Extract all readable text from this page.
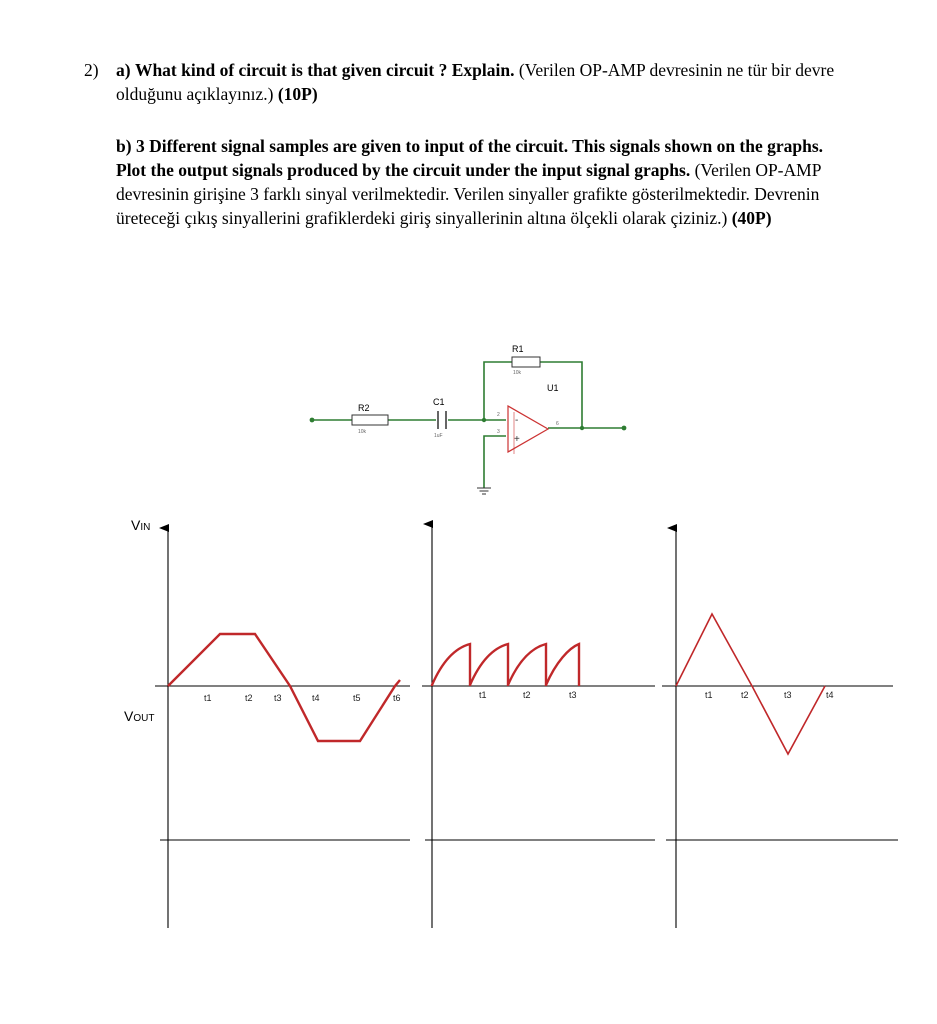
2) a) What kind of circuit is that given circuit ? Explain. (Verilen OP-AMP devresinin ne tür bir devre olduğunu açıklayınız.) (10P)
b) 3 Different signal samples are given to input of the circuit. This signals shown on the graphs. Plot the output signals produced by the circuit under the input signal graphs. (Verilen OP-AMP devresinin girişine 3 farklı sinyal verilmektedir. Verilen sinyaller grafikte gösterilmektedir. Devrenin üreteceği çıkış sinyallerini grafiklerdeki giriş sinyallerinin altına ölçekli olarak çiziniz.) (40P)
R2
10k
C1
1uF
R1
10k
-
+
2
3
6
U1
VIN
VOUT
t1	t2 t3	t4	t5	t6	t1	t2	t3	t1	t2	t3	t4
